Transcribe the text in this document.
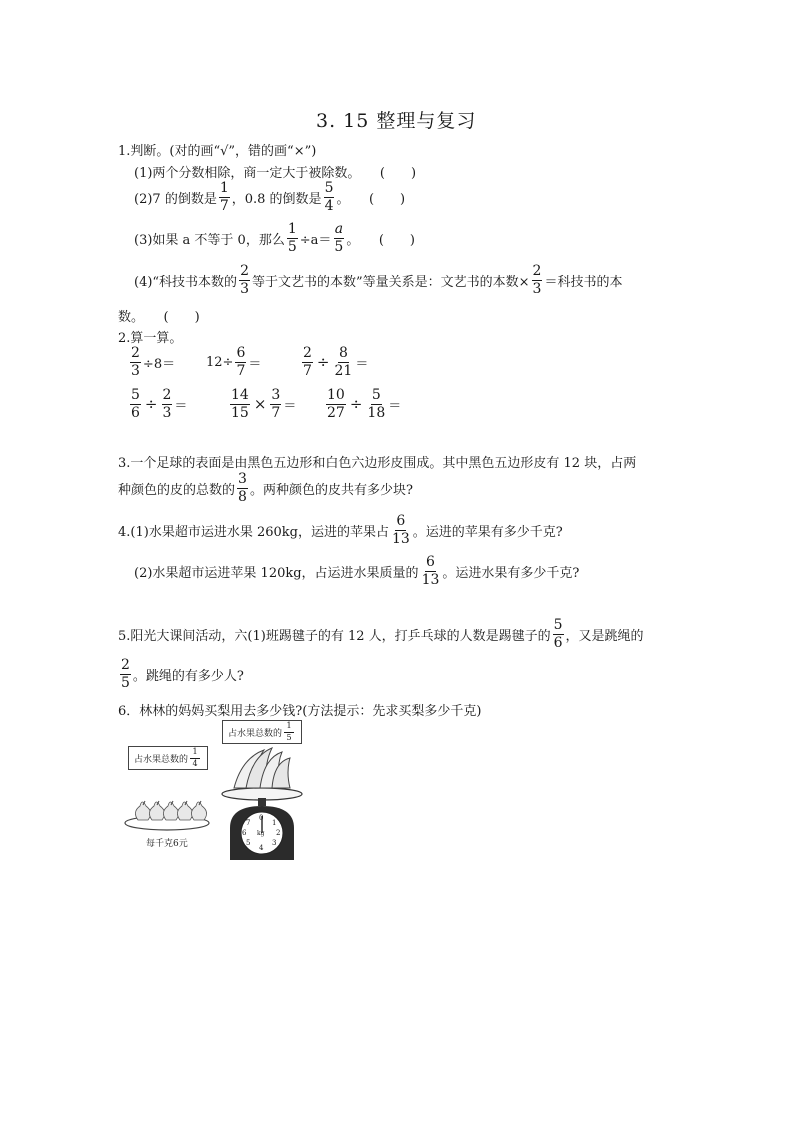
3. 15 整理与复习
1.判断。(对的画“√”，错的画“×”)
(1)两个分数相除，商一定大于被除数。　　(　　)
(2)7 的倒数是 $\frac{1}{7}$ ，0.8 的倒数是 $\frac{5}{4}$ 。　　(　　)
(3)如果 a 不等于 0，那么 $\frac{1}{5} \div a= \frac{a}{5}$ 。　　(　　)
(4)“科技书本数的 $\frac{2}{3}$ 等于文艺书的本数”等量关系是：文艺书的本数× $\frac{2}{3}$ ＝科技书的本
数。　　(　　)
2.算一算。
$\frac{2}{3} \div 8= 12\div \frac{6}{7}$ ＝	$\frac{2}{7} \div \frac{8}{21}$ ＝
$\frac{5}{6} \div \frac{2}{3}$ ＝	$\frac{14}{15} \times \frac{3}{7} = \frac{10}{27} \div \frac{5}{18}$ ＝
3.一个足球的表面是由黑色五边形和白色六边形皮围成。其中黑色五边形皮有 12 块，占两
种颜色的皮的总数的 $\frac{3}{8}$ 。两种颜色的皮共有多少块?
4.(1)水果超市运进水果 260kg，运进的苹果占 $\frac{6}{13}$ 。运进的苹果有多少千克?
(2)水果超市运进苹果 120kg，占运进水果质量的 $\frac{6}{13}$ 。运进水果有多少千克?
5.阳光大课间活动，六(1)班踢毽子的有 12 人，打乒乓球的人数是踢毽子的 $\frac{5}{6}$ ，又是跳绳的
$\frac{2}{5}$ 。跳绳的有多少人?
6．林林的妈妈买梨用去多少钱?(方法提示：先求买梨多少千克)
占水果总数的 $\frac{1}{4}$
占水果总数的 $\frac{1}{5}$
0
1
2
3
4
5
6
7
kg
每千克6元
